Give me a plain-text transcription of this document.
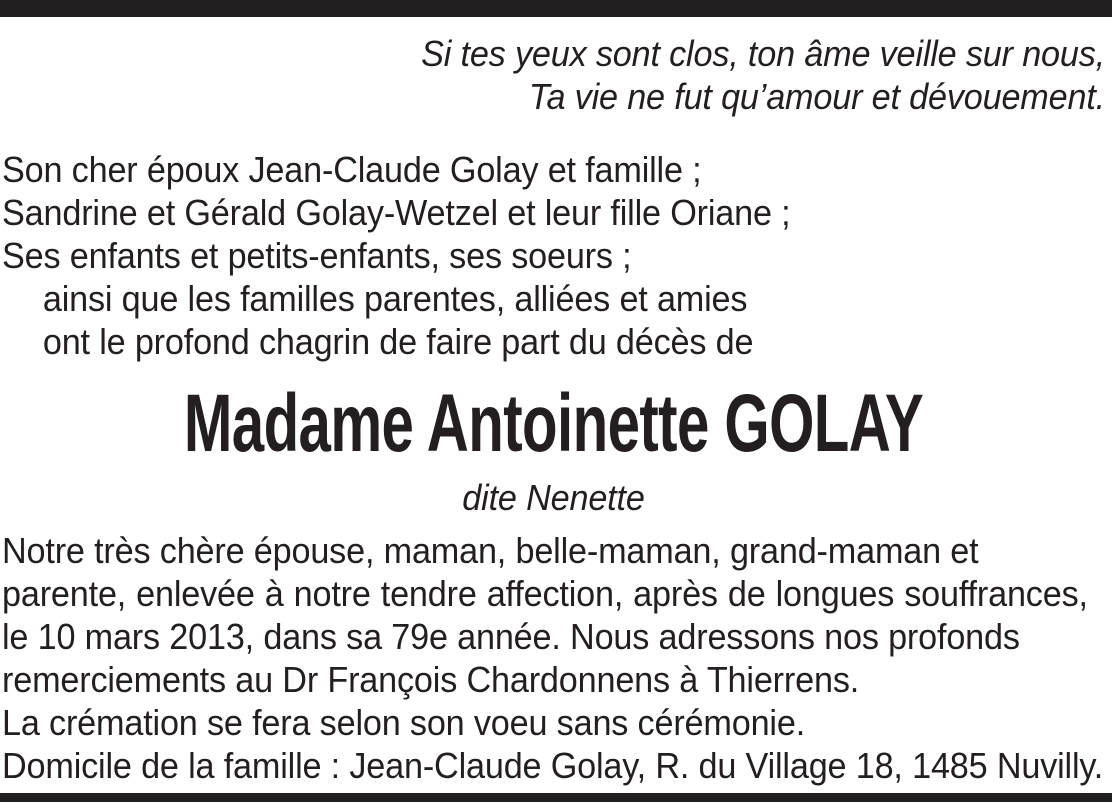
Si tes yeux sont clos, ton âme veille sur nous,
Ta vie ne fut qu’amour et dévouement.
Son cher époux Jean-Claude Golay et famille ;
Sandrine et Gérald Golay-Wetzel et leur fille Oriane ;
Ses enfants et petits-enfants, ses soeurs ;
ainsi que les familles parentes, alliées et amies
ont le profond chagrin de faire part du décès de
Madame Antoinette GOLAY
dite Nenette
Notre très chère épouse, maman, belle-maman, grand-maman et
parente, enlevée à notre tendre affection, après de longues souffrances,
le 10 mars 2013, dans sa 79e année. Nous adressons nos profonds
remerciements au Dr François Chardonnens à Thierrens.
La crémation se fera selon son voeu sans cérémonie.
Domicile de la famille : Jean-Claude Golay, R. du Village 18, 1485 Nuvilly.
